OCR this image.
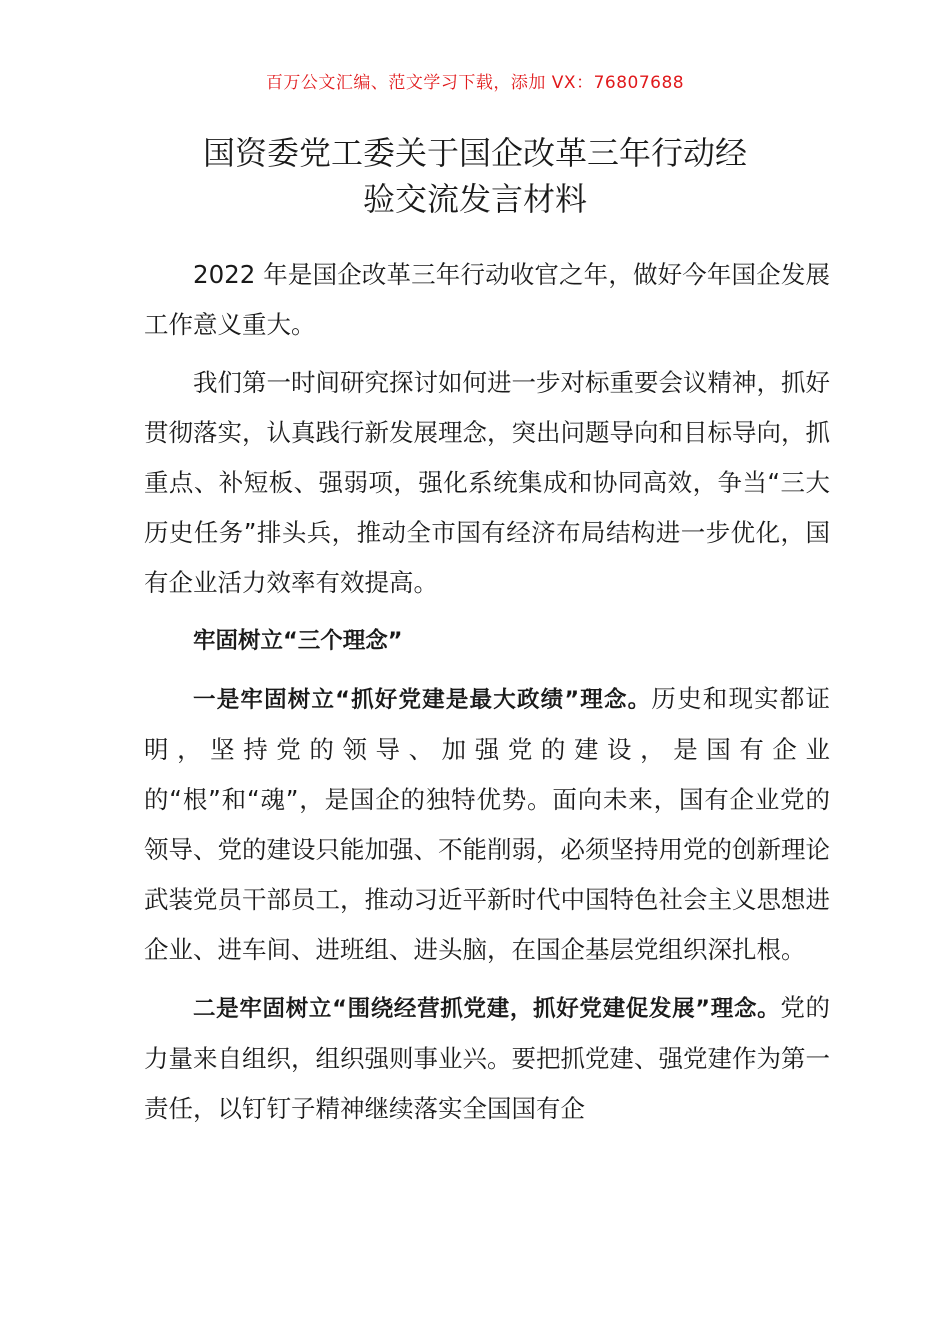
百万公文汇编、范文学习下载，添加 VX：76807688
国资委党工委关于国企改革三年行动经
验交流发言材料

2022 年是国企改革三年行动收官之年，做好今年国企发展工作意义重大。

我们第一时间研究探讨如何进一步对标重要会议精神，抓好贯彻落实，认真践行新发展理念，突出问题导向和目标导向，抓重点、补短板、强弱项，强化系统集成和协同高效，争当“三大历史任务”排头兵，推动全市国有经济布局结构进一步优化，国有企业活力效率有效提高。

牢固树立“三个理念”

一是牢固树立“抓好党建是最大政绩”理念。历史和现实都证明，坚持党的领导、加强党的建设，是国有企业的“根”和“魂”，是国企的独特优势。面向未来，国有企业党的领导、党的建设只能加强、不能削弱，必须坚持用党的创新理论武装党员干部员工，推动习近平新时代中国特色社会主义思想进企业、进车间、进班组、进头脑，在国企基层党组织深扎根。

二是牢固树立“围绕经营抓党建，抓好党建促发展”理念。党的力量来自组织，组织强则事业兴。要把抓党建、强党建作为第一责任，以钉钉子精神继续落实全国国有企
